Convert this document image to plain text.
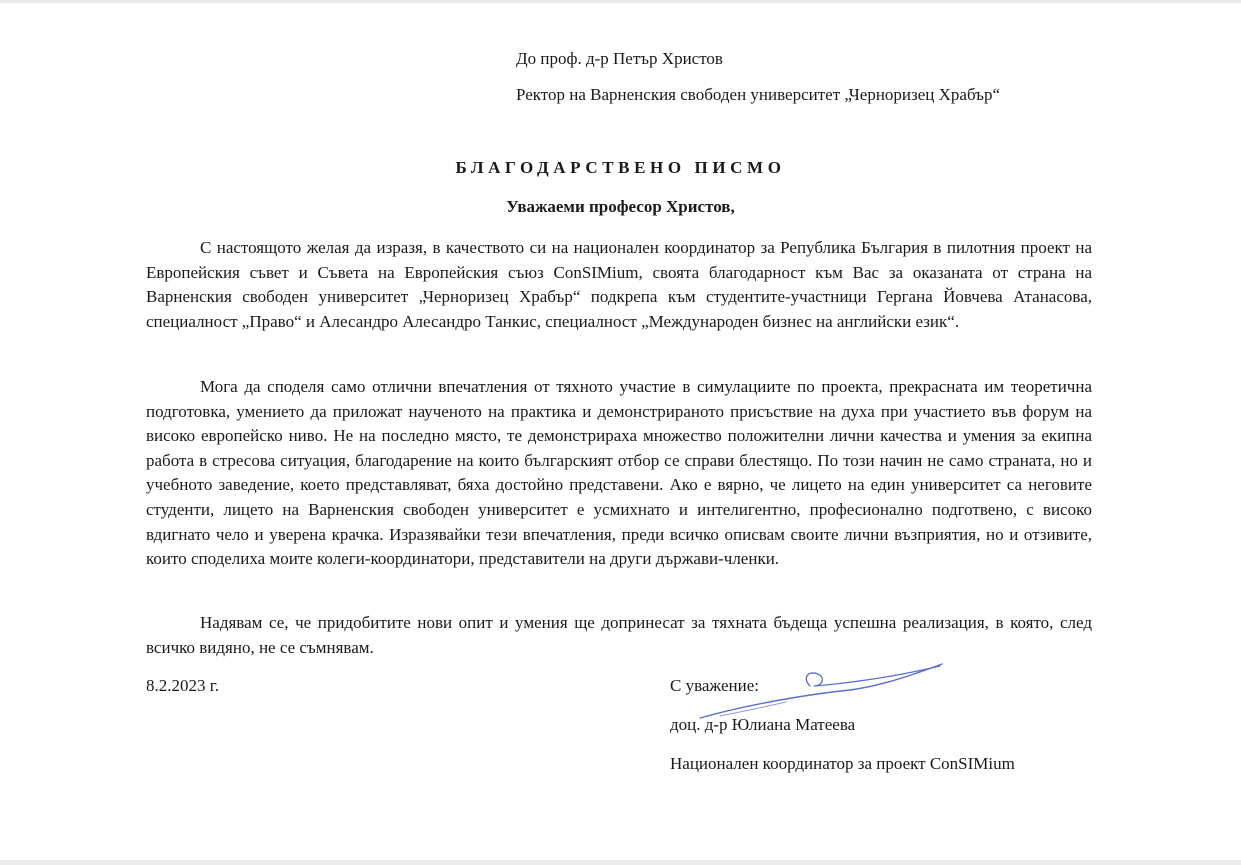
До проф. д-р Петър Христов
Ректор на Варненския свободен университет „Черноризец Храбър“
БЛАГОДАРСТВЕНО ПИСМО
Уважаеми професор Христов,

С настоящото желая да изразя, в качеството си на национален координатор за Република България в пилотния проект на Европейския съвет и Съвета на Европейския съюз ConSIMium, своята благодарност към Вас за оказаната от страна на Варненския свободен университет „Черноризец Храбър“ подкрепа към студентите-участници Гергана Йовчева Атанасова, специалност „Право“ и Алесандро Алесандро Танкис, специалност „Международен бизнес на английски език“.

Мога да споделя само отлични впечатления от тяхното участие в симулациите по проекта, прекрасната им теоретична подготовка, умението да приложат наученото на практика и демонстрираното присъствие на духа при участието във форум на високо европейско ниво. Не на последно място, те демонстрираха множество положителни лични качества и умения за екипна работа в стресова ситуация, благодарение на които българският отбор се справи блестящо. По този начин не само страната, но и учебното заведение, което представляват, бяха достойно представени. Ако е вярно, че лицето на един университет са неговите студенти, лицето на Варненския свободен университет е усмихнато и интелигентно, професионално подготвено, с високо вдигнато чело и уверена крачка. Изразявайки тези впечатления, преди всичко описвам своите лични възприятия, но и отзивите, които споделиха моите колеги-координатори, представители на други държави-членки.

Надявам се, че придобитите нови опит и умения ще допринесат за тяхната бъдеща успешна реализация, в която, след всичко видяно, не се съмнявам.

8.2.2023 г.	С уважение:
доц. д-р Юлиана Матеева
Национален координатор за проект ConSIMium
